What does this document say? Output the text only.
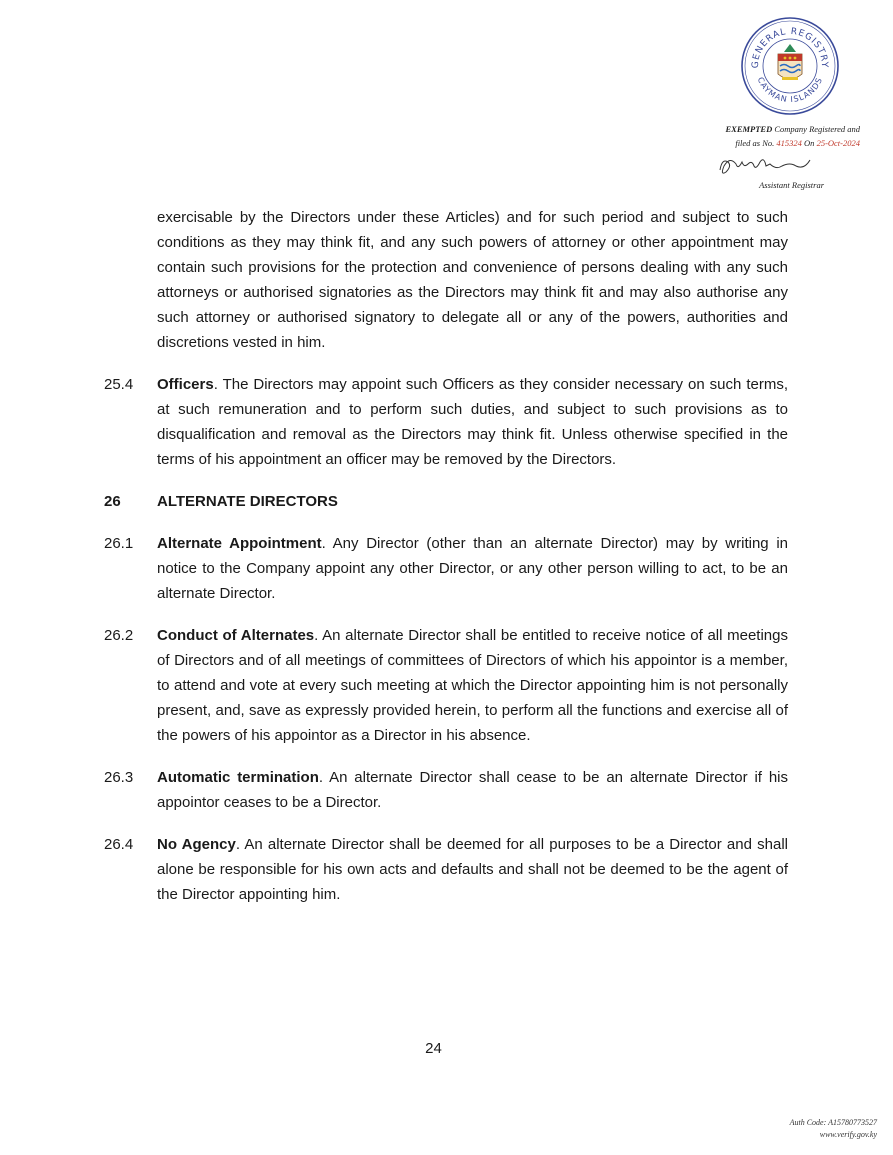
GENERAL REGISTRY
CAYMAN ISLANDS
EXEMPTED Company Registered and
filed as No. 415324 On 25-Oct-2024
Assistant Registrar
exercisable by the Directors under these Articles) and for such period and subject to such conditions as they may think fit, and any such powers of attorney or other appointment may contain such provisions for the protection and convenience of persons dealing with any such attorneys or authorised signatories as the Directors may think fit and may also authorise any such attorney or authorised signatory to delegate all or any of the powers, authorities and discretions vested in him.
25.4	Officers. The Directors may appoint such Officers as they consider necessary on such terms, at such remuneration and to perform such duties, and subject to such provisions as to disqualification and removal as the Directors may think fit. Unless otherwise specified in the terms of his appointment an officer may be removed by the Directors.
26	ALTERNATE DIRECTORS
26.1	Alternate Appointment. Any Director (other than an alternate Director) may by writing in notice to the Company appoint any other Director, or any other person willing to act, to be an alternate Director.
26.2	Conduct of Alternates. An alternate Director shall be entitled to receive notice of all meetings of Directors and of all meetings of committees of Directors of which his appointor is a member, to attend and vote at every such meeting at which the Director appointing him is not personally present, and, save as expressly provided herein, to perform all the functions and exercise all of the powers of his appointor as a Director in his absence.
26.3	Automatic termination. An alternate Director shall cease to be an alternate Director if his appointor ceases to be a Director.
26.4	No Agency. An alternate Director shall be deemed for all purposes to be a Director and shall alone be responsible for his own acts and defaults and shall not be deemed to be the agent of the Director appointing him.
24
Auth Code: A15780773527
www.verify.gov.ky
